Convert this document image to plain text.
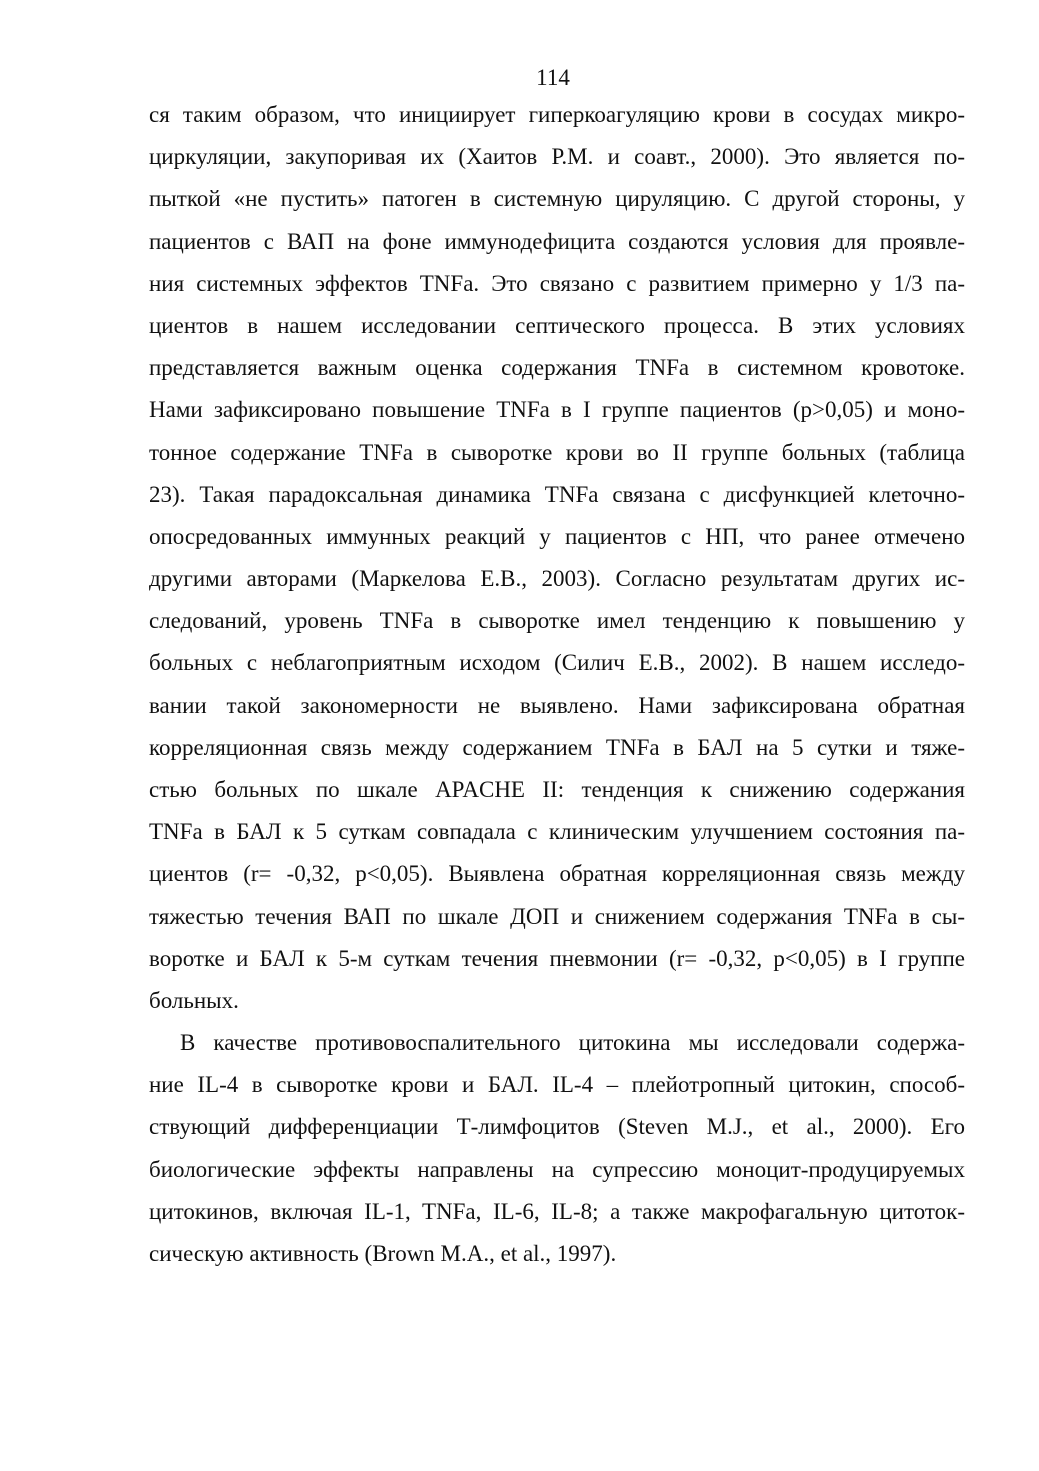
114
ся таким образом, что инициирует гиперкоагуляцию крови в сосудах микро-
циркуляции, закупоривая их (Хаитов Р.М. и соавт., 2000). Это является по-
пыткой «не пустить» патоген в системную цируляцию. С другой стороны, у
пациентов с ВАП на фоне иммунодефицита создаются условия для проявле-
ния системных эффектов TNFa. Это связано с развитием примерно у 1/3 па-
циентов в нашем исследовании септического процесса. В этих условиях
представляется важным оценка содержания TNFa в системном кровотоке.
Нами зафиксировано повышение TNFa в I группе пациентов (p>0,05) и моно-
тонное содержание TNFa в сыворотке крови во II группе больных (таблица
23). Такая парадоксальная динамика TNFa связана с дисфункцией клеточно-
опосредованных иммунных реакций у пациентов с НП, что ранее отмечено
другими авторами (Маркелова Е.В., 2003). Согласно результатам других ис-
следований, уровень TNFa в сыворотке имел тенденцию к повышению у
больных с неблагоприятным исходом (Силич Е.В., 2002). В нашем исследо-
вании такой закономерности не выявлено. Нами зафиксирована обратная
корреляционная связь между содержанием TNFa в БАЛ на 5 сутки и тяже-
стью больных по шкале APACHE II: тенденция к снижению содержания
TNFa в БАЛ к 5 суткам совпадала с клиническим улучшением состояния па-
циентов (r= -0,32, p<0,05). Выявлена обратная корреляционная связь между
тяжестью течения ВАП по шкале ДОП и снижением содержания TNFa в сы-
воротке и БАЛ к 5-м суткам течения пневмонии (r= -0,32, p<0,05) в I группе
больных.
В качестве противовоспалительного цитокина мы исследовали содержа-
ние IL-4 в сыворотке крови и БАЛ. IL-4 – плейотропный цитокин, способ-
ствующий дифференциации Т-лимфоцитов (Steven M.J., et al., 2000). Его
биологические эффекты направлены на супрессию моноцит-продуцируемых
цитокинов, включая IL-1, TNFa, IL-6, IL-8; а также макрофагальную цитоток-
сическую активность (Brown M.A., et al., 1997).
